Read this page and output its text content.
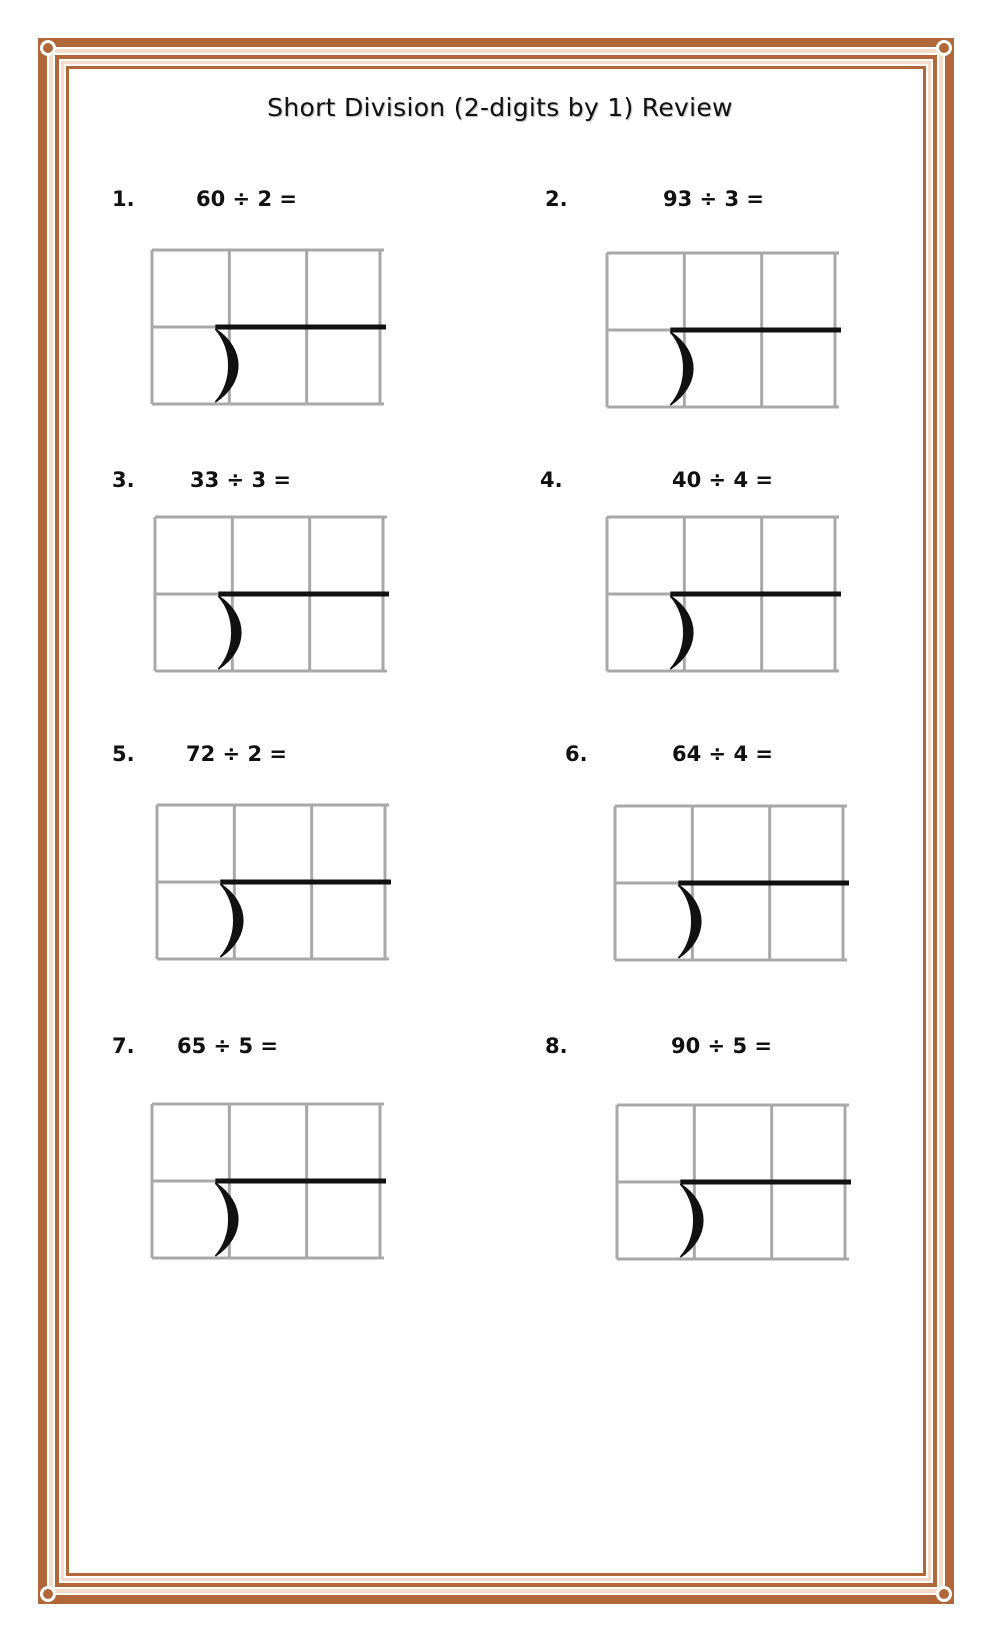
Short Division (2-digits by 1) Review
1.	60 ÷ 2 =	2.	93 ÷ 3 =
3.	33 ÷ 3 =	4.	40 ÷ 4 =
5. 72 ÷ 2 =	6.	64 ÷ 4 =
7. 65 ÷ 5 =	8.	90 ÷ 5 =
